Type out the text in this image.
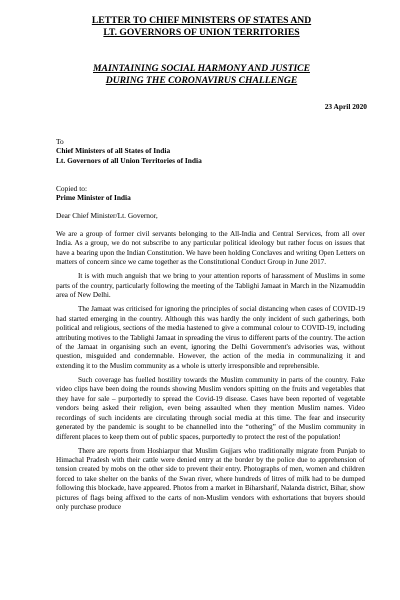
LETTER TO CHIEF MINISTERS OF STATES AND
LT. GOVERNORS OF UNION TERRITORIES
MAINTAINING SOCIAL HARMONY AND JUSTICE
DURING THE CORONAVIRUS CHALLENGE
23 April 2020
To
Chief Ministers of all States of India
Lt. Governors of all Union Territories of India
Copied to:
Prime Minister of India
Dear Chief Minister/Lt. Governor,

We are a group of former civil servants belonging to the All-India and Central Services, from all over India. As a group, we do not subscribe to any particular political ideology but rather focus on issues that have a bearing upon the Indian Constitution. We have been holding Conclaves and writing Open Letters on matters of concern since we came together as the Constitutional Conduct Group in June 2017.

It is with much anguish that we bring to your attention reports of harassment of Muslims in some parts of the country, particularly following the meeting of the Tablighi Jamaat in March in the Nizamuddin area of New Delhi.

The Jamaat was criticised for ignoring the principles of social distancing when cases of COVID-19 had started emerging in the country. Although this was hardly the only incident of such gatherings, both political and religious, sections of the media hastened to give a communal colour to COVID-19, including attributing motives to the Tablighi Jamaat in spreading the virus to different parts of the country. The action of the Jamaat in organising such an event, ignoring the Delhi Government's advisories was, without question, misguided and condemnable. However, the action of the media in communalizing it and extending it to the Muslim community as a whole is utterly irresponsible and reprehensible.

Such coverage has fuelled hostility towards the Muslim community in parts of the country. Fake video clips have been doing the rounds showing Muslim vendors spitting on the fruits and vegetables that they have for sale – purportedly to spread the Covid-19 disease. Cases have been reported of vegetable vendors being asked their religion, even being assaulted when they mention Muslim names. Video recordings of such incidents are circulating through social media at this time. The fear and insecurity generated by the pandemic is sought to be channelled into the “othering” of the Muslim community in different places to keep them out of public spaces, purportedly to protect the rest of the population!

There are reports from Hoshiarpur that Muslim Gujjars who traditionally migrate from Punjab to Himachal Pradesh with their cattle were denied entry at the border by the police due to apprehension of tension created by mobs on the other side to prevent their entry. Photographs of men, women and children forced to take shelter on the banks of the Swan river, where hundreds of litres of milk had to be dumped following this blockade, have appeared. Photos from a market in Biharsharif, Nalanda district, Bihar, show pictures of flags being affixed to the carts of non-Muslim vendors with exhortations that buyers should only purchase produce
